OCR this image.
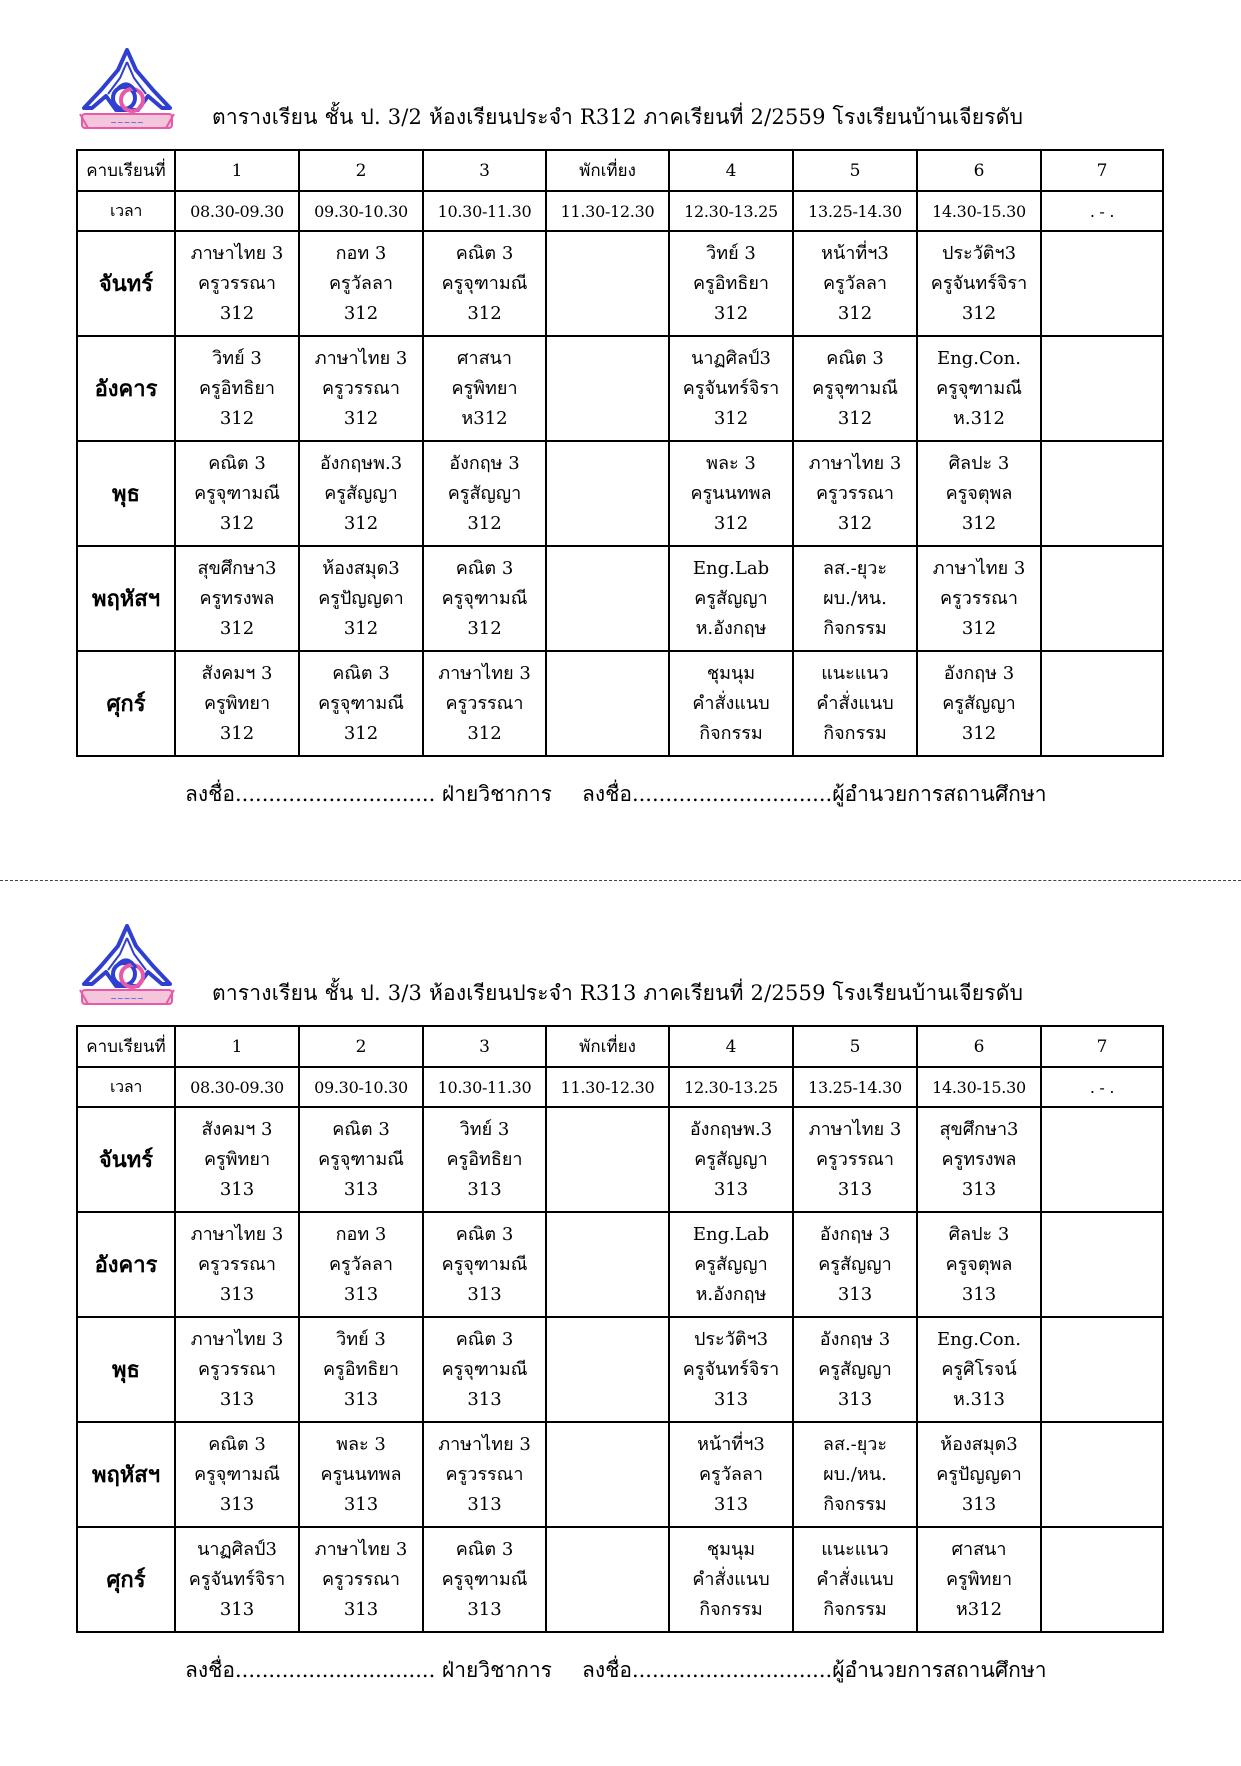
~~~~~	ตารางเรียน ชั้น ป. 3/2 ห้องเรียนประจำ R312 ภาคเรียนที่ 2/2559 โรงเรียนบ้านเจียรดับ
คาบเรียนที่	1	2	3	พักเที่ยง	4	5	6	7
เวลา	08.30-09.30	09.30-10.30	10.30-11.30	11.30-12.30	12.30-13.25	13.25-14.30	14.30-15.30	. - .
จันทร์	ภาษาไทย 3
ครูวรรณา
312	กอท 3
ครูวัลลา
312	คณิต 3
ครูจุฑามณี
312		วิทย์ 3
ครูอิทธิยา
312	หน้าที่ฯ3
ครูวัลลา
312	ประวัติฯ3
ครูจันทร์จิรา
312	

อังคาร	วิทย์ 3
ครูอิทธิยา
312	ภาษาไทย 3
ครูวรรณา
312	ศาสนา
ครูพิทยา
ห312		นาฏศิลป์3
ครูจันทร์จิรา
312	คณิต 3
ครูจุฑามณี
312	Eng.Con.
ครูจุฑามณี
ห.312	

พุธ	คณิต 3
ครูจุฑามณี
312	อังกฤษพ.3
ครูสัญญา
312	อังกฤษ 3
ครูสัญญา
312		พละ 3
ครูนนทพล
312	ภาษาไทย 3
ครูวรรณา
312	ศิลปะ 3
ครูจตุพล
312	

พฤหัสฯ	สุขศึกษา3
ครูทรงพล
312	ห้องสมุด3
ครูปัญญดา
312	คณิต 3
ครูจุฑามณี
312		Eng.Lab
ครูสัญญา
ห.อังกฤษ	ลส.-ยุวะ
ผบ./หน.
กิจกรรม	ภาษาไทย 3
ครูวรรณา
312	

ศุกร์	สังคมฯ 3
ครูพิทยา
312	คณิต 3
ครูจุฑามณี
312	ภาษาไทย 3
ครูวรรณา
312		ชุมนุม
คำสั่งแนบ
กิจกรรม	แนะแนว
คำสั่งแนบ
กิจกรรม	อังกฤษ 3
ครูสัญญา
312	

ลงชื่อ.............................. ฝ่ายวิชาการ ลงชื่อ..............................ผู้อำนวยการสถานศึกษา
~~~~~	ตารางเรียน ชั้น ป. 3/3 ห้องเรียนประจำ R313 ภาคเรียนที่ 2/2559 โรงเรียนบ้านเจียรดับ
คาบเรียนที่	1	2	3	พักเที่ยง	4	5	6	7
เวลา	08.30-09.30	09.30-10.30	10.30-11.30	11.30-12.30	12.30-13.25	13.25-14.30	14.30-15.30	. - .
จันทร์	สังคมฯ 3
ครูพิทยา
313	คณิต 3
ครูจุฑามณี
313	วิทย์ 3
ครูอิทธิยา
313		อังกฤษพ.3
ครูสัญญา
313	ภาษาไทย 3
ครูวรรณา
313	สุขศึกษา3
ครูทรงพล
313	

อังคาร	ภาษาไทย 3
ครูวรรณา
313	กอท 3
ครูวัลลา
313	คณิต 3
ครูจุฑามณี
313		Eng.Lab
ครูสัญญา
ห.อังกฤษ	อังกฤษ 3
ครูสัญญา
313	ศิลปะ 3
ครูจตุพล
313	

พุธ	ภาษาไทย 3
ครูวรรณา
313	วิทย์ 3
ครูอิทธิยา
313	คณิต 3
ครูจุฑามณี
313		ประวัติฯ3
ครูจันทร์จิรา
313	อังกฤษ 3
ครูสัญญา
313	Eng.Con.
ครูศิโรจน์
ห.313	

พฤหัสฯ	คณิต 3
ครูจุฑามณี
313	พละ 3
ครูนนทพล
313	ภาษาไทย 3
ครูวรรณา
313		หน้าที่ฯ3
ครูวัลลา
313	ลส.-ยุวะ
ผบ./หน.
กิจกรรม	ห้องสมุด3
ครูปัญญดา
313	

ศุกร์	นาฏศิลป์3
ครูจันทร์จิรา
313	ภาษาไทย 3
ครูวรรณา
313	คณิต 3
ครูจุฑามณี
313		ชุมนุม
คำสั่งแนบ
กิจกรรม	แนะแนว
คำสั่งแนบ
กิจกรรม	ศาสนา
ครูพิทยา
ห312	

ลงชื่อ.............................. ฝ่ายวิชาการ ลงชื่อ..............................ผู้อำนวยการสถานศึกษา
